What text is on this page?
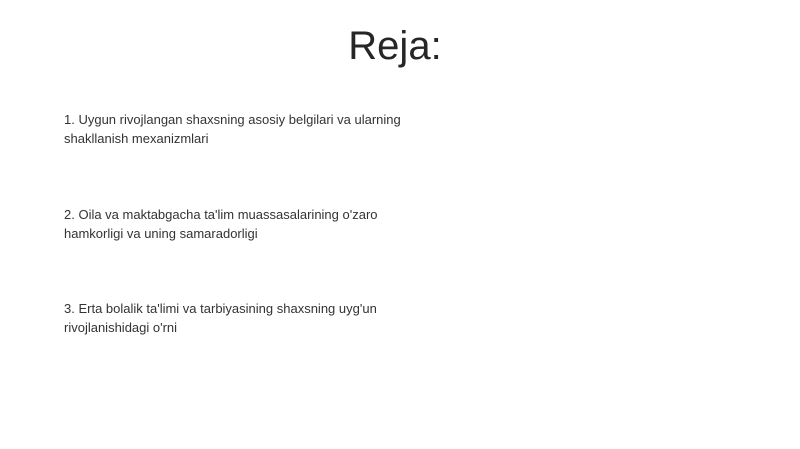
Reja:
1. Uygun rivojlangan shaxsning asosiy belgilari va ularning shakllanish mexanizmlari
2. Oila va maktabgacha ta'lim muassasalarining o'zaro hamkorligi va uning samaradorligi
3. Erta bolalik ta'limi va tarbiyasining shaxsning uyg'un rivojlanishidagi o'rni
